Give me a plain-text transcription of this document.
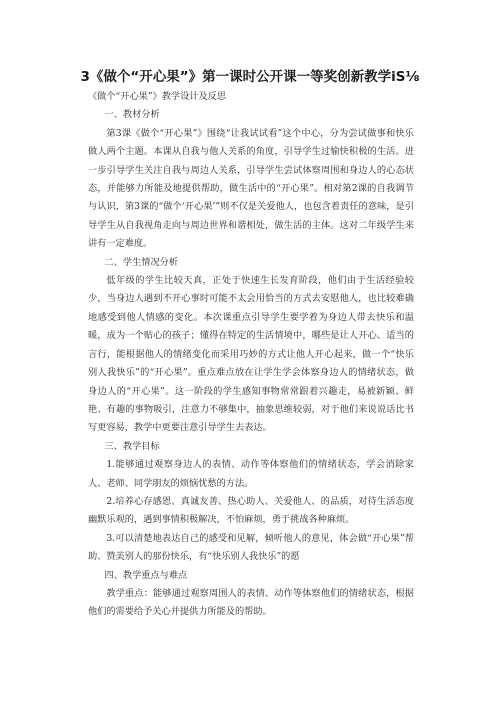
3《做个“开心果”》第一课时公开课一等奖创新教学iS⅛

《做个“开心果”》教学设计及反思

一、教材分析

第3课《做个“开心果”》围绕“让我试试看”这个中心，分为尝试做事和快乐做人两个主题。本课从自我与他人关系的角度，引导学生过愉快积极的生活。进一步引导学生关注自我与周边人关系，引导学生尝试体察周围和身边人的心态状态，并能够力所能及地提供帮助，做生活中的“开心果”。相对第2课的自我调节与认识，第3课的“做个‘开心果’”则不仅是关爱他人，也包含着责任的意味，是引导学生从自我视角走向与周边世界和谐相处，做生活的主体。这对二年级学生来讲有一定难度。

二、学生情况分析

低年级的学生比较天真，正处于快速生长发育阶段，他们由于生活经验较少，当身边人遇到不开心事时可能不太会用恰当的方式去安慰他人，也比较难确地感受到他人情感的变化。本次课重点引导学生要学着为身边人带去快乐和温暖，成为一个贴心的孩子；懂得在特定的生活情境中，哪些是让人开心、适当的言行，能根据他人的情绪变化而采用巧妙的方式让他人开心起来，做一个“快乐别人我快乐”的“开心果”。重点难点放在让学生学会体察身边人的情绪状态，做身边人的“开心果”。这一阶段的学生感知事物常常跟着兴趣走，易被新颖、鲜艳、有趣的事物吸引，注意力不够集中，抽象思维较弱，对于他们来说说话比书写更容易，教学中更要注意引导学生去表达。

三、教学目标

1.能够通过观察身边人的表情、动作等体察他们的情绪状态，学会消除家人、老师、同学朋友的烦恼忧愁的方法。

2.培养心存感恩、真诚友善、热心助人、关爱他人、的品质，对待生活态度幽默乐观的，遇到事情积极解决，不怕麻烦，勇于挑战各种麻烦。

3.可以清楚地表达自己的感受和见解，倾听他人的意见，体会做“开心果”帮助、赞美别人的那份快乐，有“快乐别人我快乐”的愿

四、教学重点与难点

教学重点：能够通过观察周围人的表情、动作等体察他们的情绪状态，根据他们的需要给予关心并提供力所能及的帮助。
